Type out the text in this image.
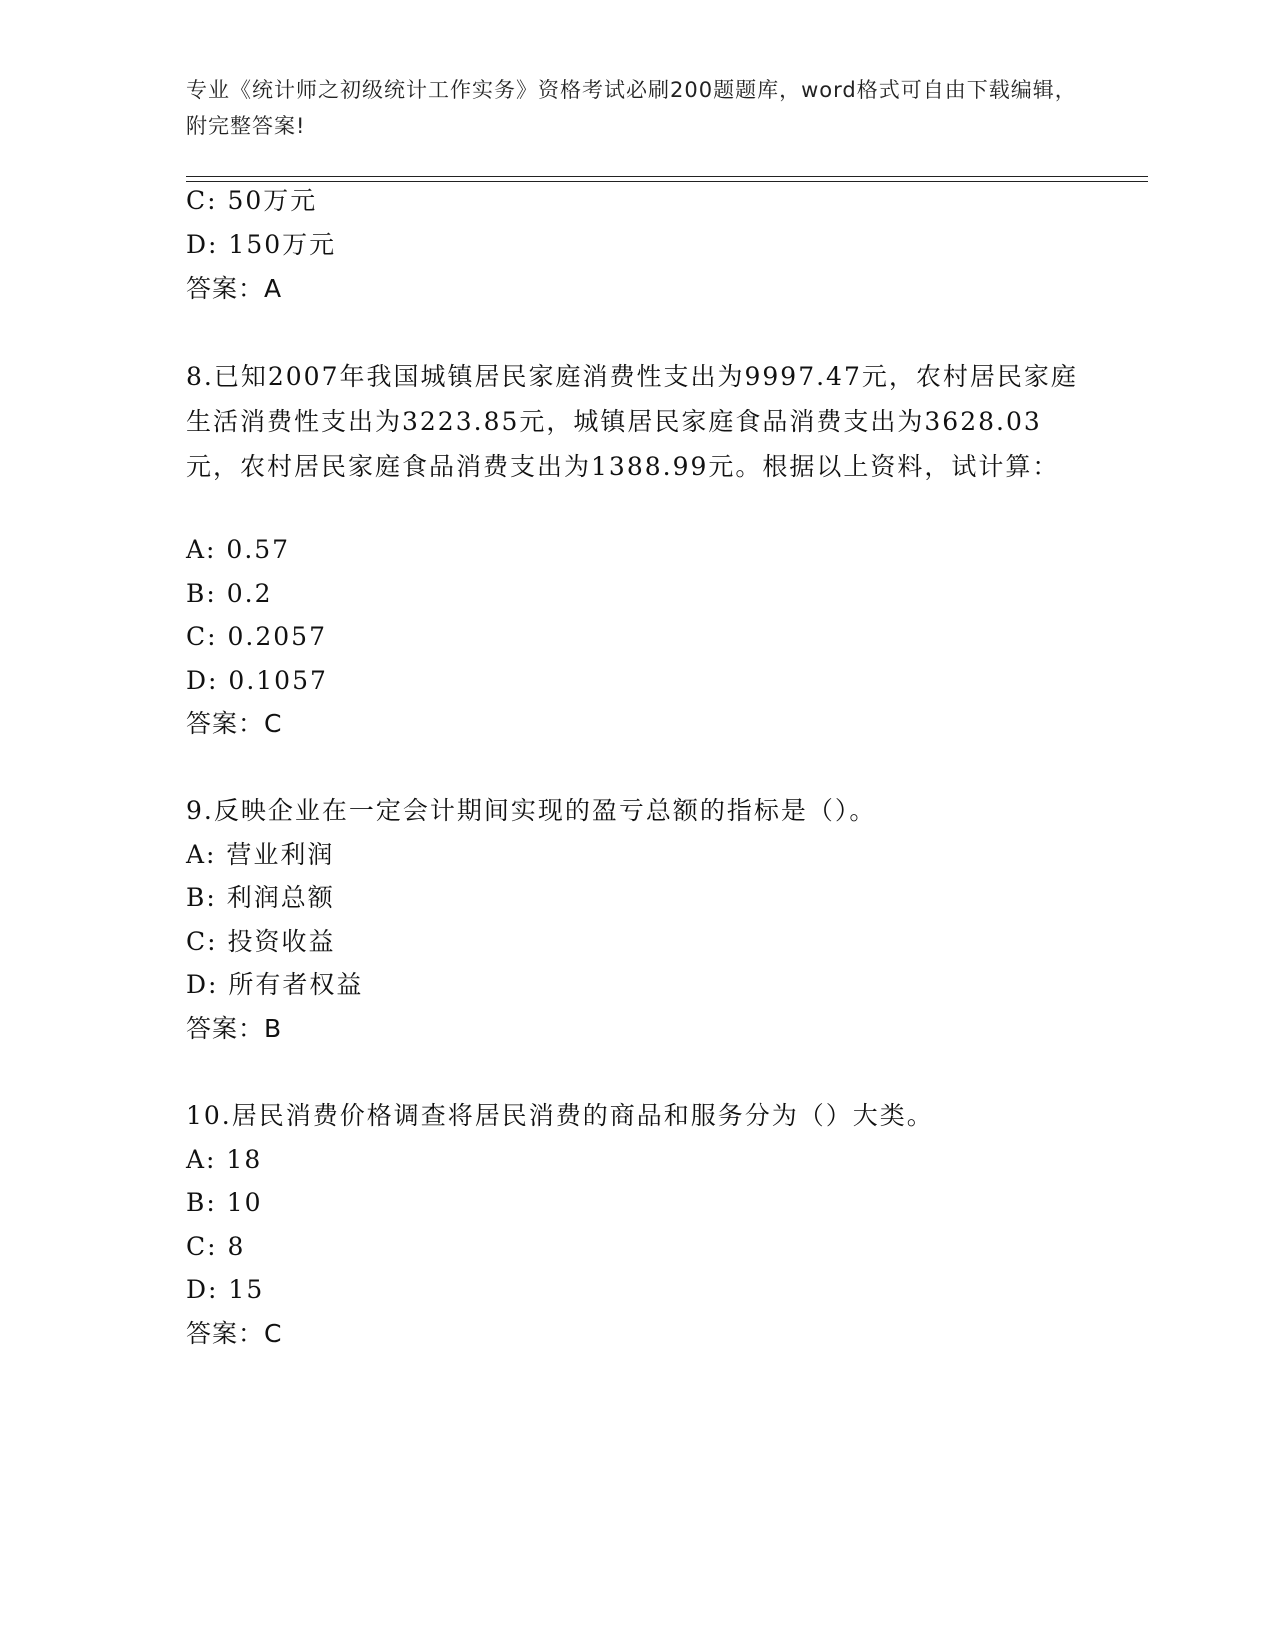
专业《统计师之初级统计工作实务》资格考试必刷200题题库，word格式可自由下载编辑，附完整答案!
C: 50万元
D: 150万元
答案：A
8.已知2007年我国城镇居民家庭消费性支出为9997.47元，农村居民家庭生活消费性支出为3223.85元，城镇居民家庭食品消费支出为3628.03元，农村居民家庭食品消费支出为1388.99元。根据以上资料，试计算：
A: 0.57
B: 0.2
C: 0.2057
D: 0.1057
答案：C
9.反映企业在一定会计期间实现的盈亏总额的指标是（）。
A: 营业利润
B: 利润总额
C: 投资收益
D: 所有者权益
答案：B
10.居民消费价格调查将居民消费的商品和服务分为（）大类。
A: 18
B: 10
C: 8
D: 15
答案：C
